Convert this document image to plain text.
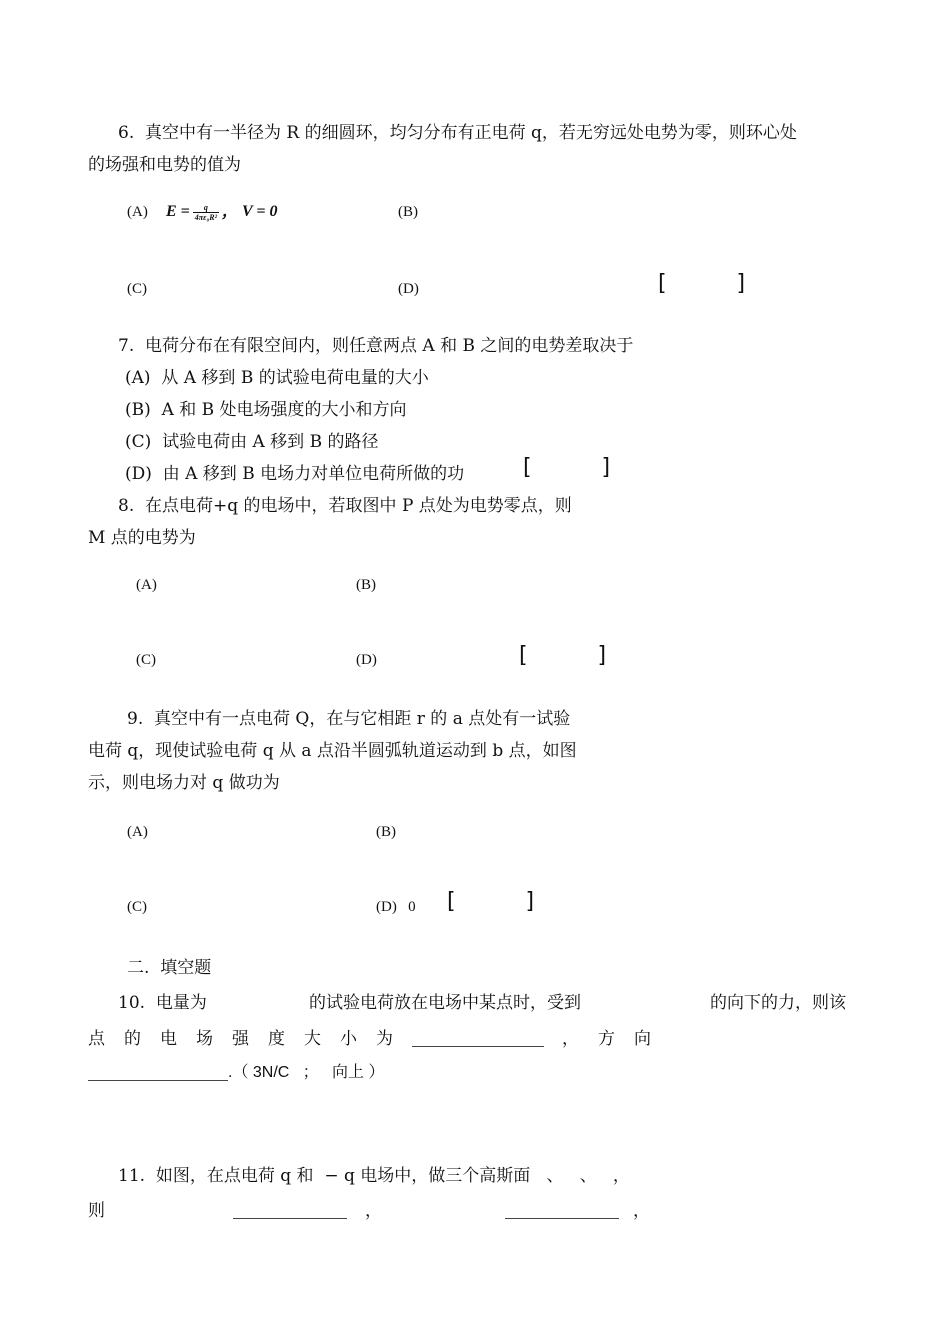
6.  真空中有一半径为 R 的细圆环，均匀分布有正电荷 q，若无穷远处电势为零，则环心处
的场强和电势的值为
(A) $E = \frac{q}{\text{4πε₀R²}}$ ， V = 0	(B)
(C)	(D)	[          ]
7.  电荷分布在有限空间内，则任意两点 A 和 B 之间的电势差取决于
(A)  从 A 移到 B 的试验电荷电量的大小
(B)  A 和 B 处电场强度的大小和方向
(C)  试验电荷由 A 移到 B 的路径
(D)  由 A 移到 B 电场力对单位电荷所做的功	[          ]
8.  在点电荷+q 的电场中，若取图中 P 点处为电势零点，则
M 点的电势为
(A)	(B)
(C)	(D)	[          ]
9.  真空中有一点电荷 Q，在与它相距 r 的 a 点处有一试验
电荷 q，现使试验电荷 q 从 a 点沿半圆弧轨道运动到 b 点，如图
示，则电场力对 q 做功为
(A)	(B)
(C)	(D)   0 [          ]
二.  填空题
10.  电量为	的试验电荷放在电场中某点时，受到	的向下的力，则该
点 的 电 场 强 度 大 小 为	， 方 向
.（ 3N/C   ；   向上 ）
11.  如图，在点电荷 q 和  − q 电场中，做三个高斯面   、   、   ，
则	，	，
